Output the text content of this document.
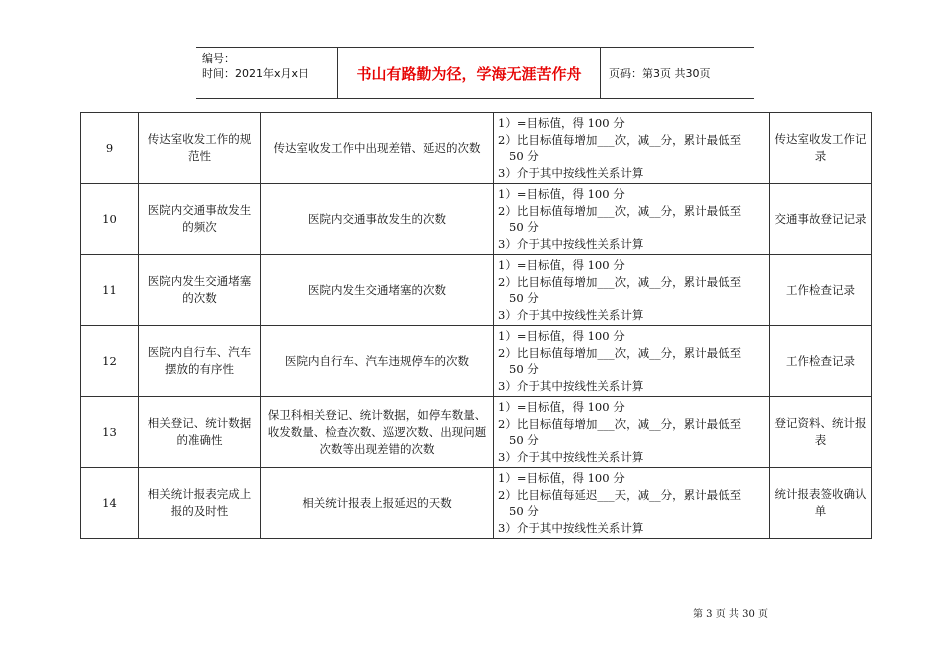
编号：
时间：2021年x月x日	书山有路勤为径，学海无涯苦作舟	页码：第3页 共30页
9	传达室收发工作的规范性	传达室收发工作中出现差错、延迟的次数	1）=目标值，得 100 分
2）比目标值每增加___次，减__分，累计最低至
50 分
3）介于其中按线性关系计算	传达室收发工作记录
10	医院内交通事故发生的频次	医院内交通事故发生的次数	1）=目标值，得 100 分
2）比目标值每增加___次，减__分，累计最低至
50 分
3）介于其中按线性关系计算	交通事故登记记录
11	医院内发生交通堵塞的次数	医院内发生交通堵塞的次数	1）=目标值，得 100 分
2）比目标值每增加___次，减__分，累计最低至
50 分
3）介于其中按线性关系计算	工作检查记录
12	医院内自行车、汽车摆放的有序性	医院内自行车、汽车违规停车的次数	1）=目标值，得 100 分
2）比目标值每增加___次，减__分，累计最低至
50 分
3）介于其中按线性关系计算	工作检查记录
13	相关登记、统计数据的准确性	保卫科相关登记、统计数据，如停车数量、收发数量、检查次数、巡逻次数、出现问题次数等出现差错的次数	1）=目标值，得 100 分
2）比目标值每增加___次，减__分，累计最低至
50 分
3）介于其中按线性关系计算	登记资料、统计报表
14	相关统计报表完成上报的及时性	相关统计报表上报延迟的天数	1）=目标值，得 100 分
2）比目标值每延迟___天，减__分，累计最低至
50 分
3）介于其中按线性关系计算	统计报表签收确认单
第 3 页 共 30 页
